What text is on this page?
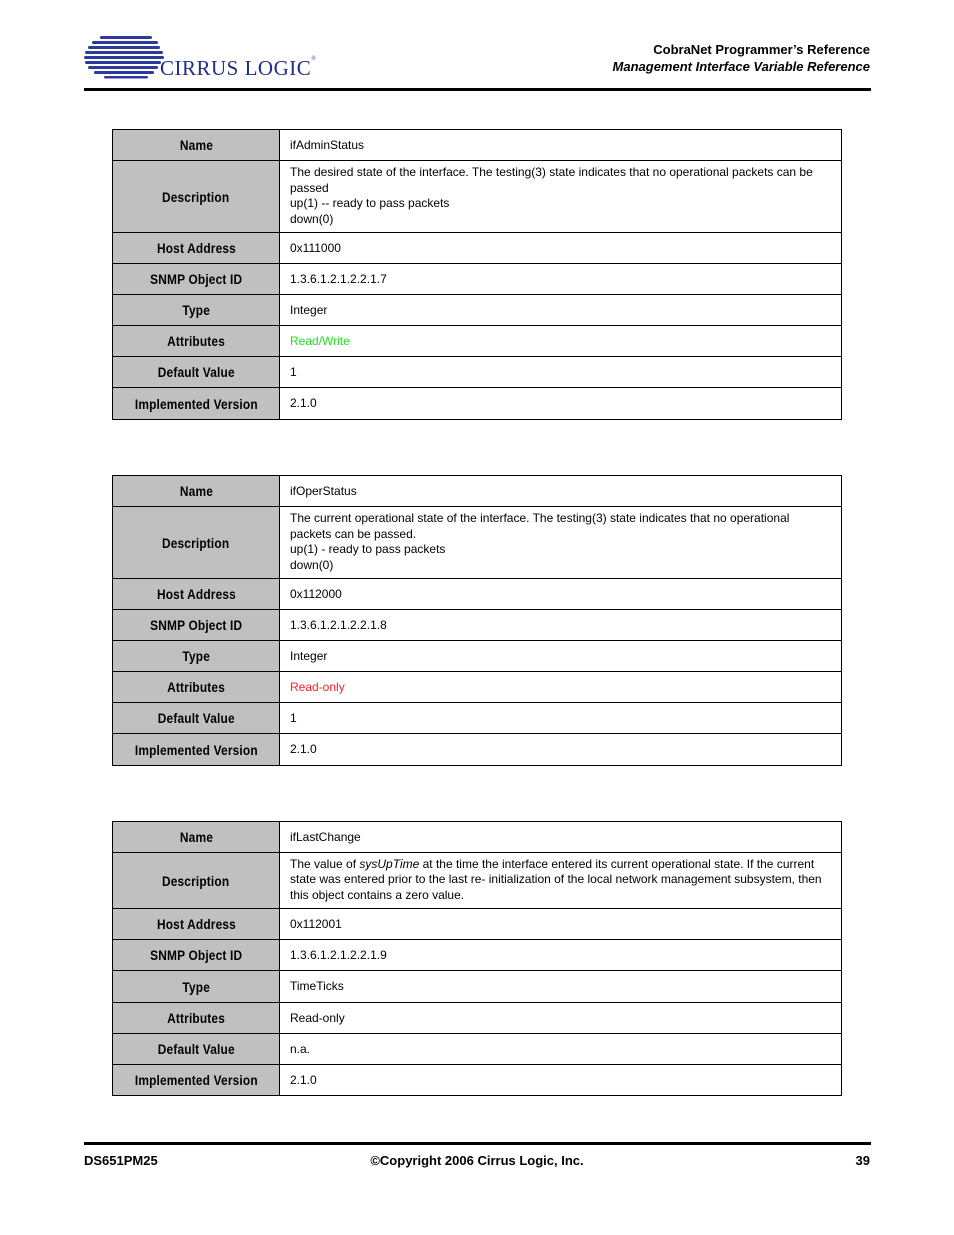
CIRRUS LOGIC®
CobraNet Programmer’s Reference
Management Interface Variable Reference
Name	ifAdminStatus
Description	The desired state of the interface. The testing(3) state indicates that no operational packets can be passed
up(1) -- ready to pass packets
down(0)

Host Address	0x111000
SNMP Object ID	1.3.6.1.2.1.2.2.1.7
Type	Integer
Attributes	Read/Write
Default Value	1
Implemented Version	2.1.0
Name	ifOperStatus
Description	The current operational state of the interface. The testing(3) state indicates that no operational packets can be passed.
up(1) - ready to pass packets
down(0)

Host Address	0x112000
SNMP Object ID	1.3.6.1.2.1.2.2.1.8
Type	Integer
Attributes	Read-only
Default Value	1
Implemented Version	2.1.0
Name	ifLastChange
Description	The value of sysUpTime at the time the interface entered its current operational state. If the current state was entered prior to the last re- initialization of the local network management subsystem, then this object contains a zero value.
Host Address	0x112001
SNMP Object ID	1.3.6.1.2.1.2.2.1.9
Type	TimeTicks
Attributes	Read-only
Default Value	n.a.
Implemented Version	2.1.0
DS651PM25	©Copyright 2006 Cirrus Logic, Inc.	39
